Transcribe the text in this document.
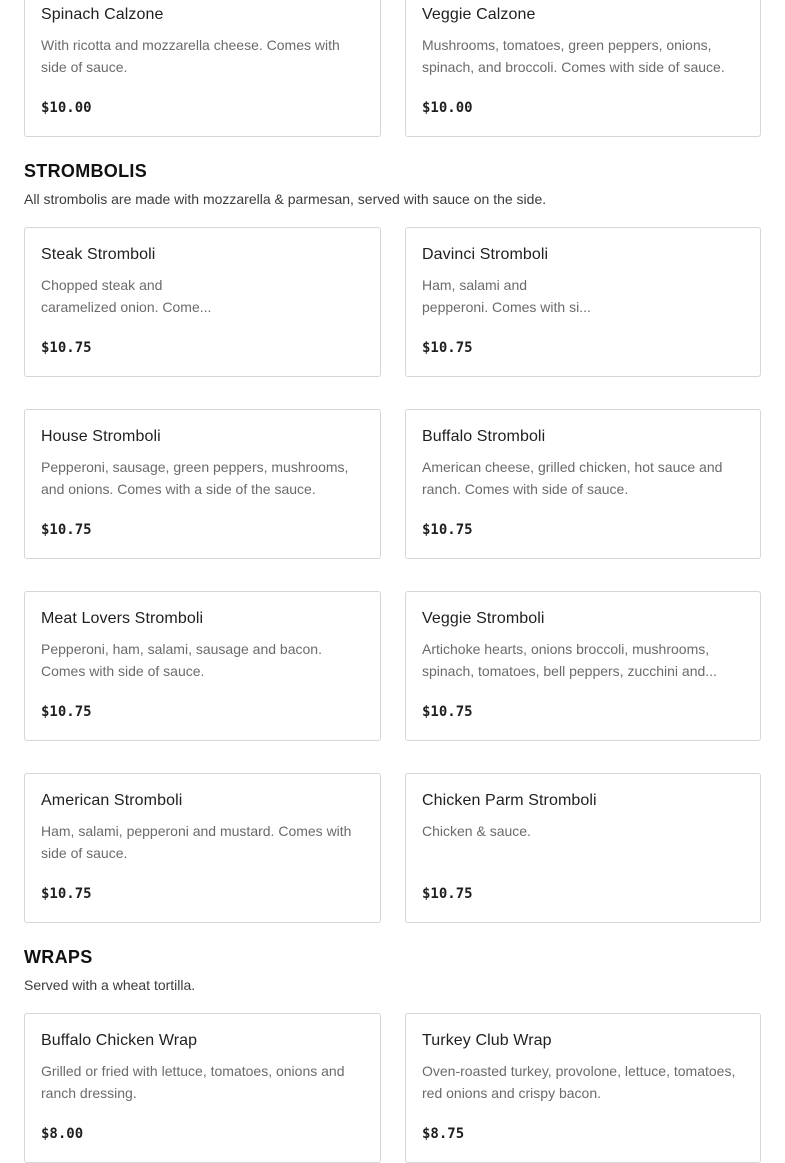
Spinach Calzone
With ricotta and mozzarella cheese. Comes with side of sauce.
$10.00
Veggie Calzone
Mushrooms, tomatoes, green peppers, onions, spinach, and broccoli. Comes with side of sauce.
$10.00
STROMBOLIS

All strombolis are made with mozzarella & parmesan, served with sauce on the side.

Steak Stromboli
Chopped steak and
caramelized onion. Come...
$10.75
Davinci Stromboli
Ham, salami and
pepperoni. Comes with si...
$10.75
House Stromboli
Pepperoni, sausage, green peppers, mushrooms, and onions. Comes with a side of the sauce.
$10.75
Buffalo Stromboli
American cheese, grilled chicken, hot sauce and ranch. Comes with side of sauce.
$10.75
Meat Lovers Stromboli
Pepperoni, ham, salami, sausage and bacon. Comes with side of sauce.
$10.75
Veggie Stromboli
Artichoke hearts, onions broccoli, mushrooms,
spinach, tomatoes, bell peppers, zucchini and...
$10.75
American Stromboli
Ham, salami, pepperoni and mustard. Comes with side of sauce.
$10.75
Chicken Parm Stromboli
Chicken & sauce.
$10.75
WRAPS

Served with a wheat tortilla.

Buffalo Chicken Wrap
Grilled or fried with lettuce, tomatoes, onions and ranch dressing.
$8.00
Turkey Club Wrap
Oven-roasted turkey, provolone, lettuce, tomatoes, red onions and crispy bacon.
$8.75
